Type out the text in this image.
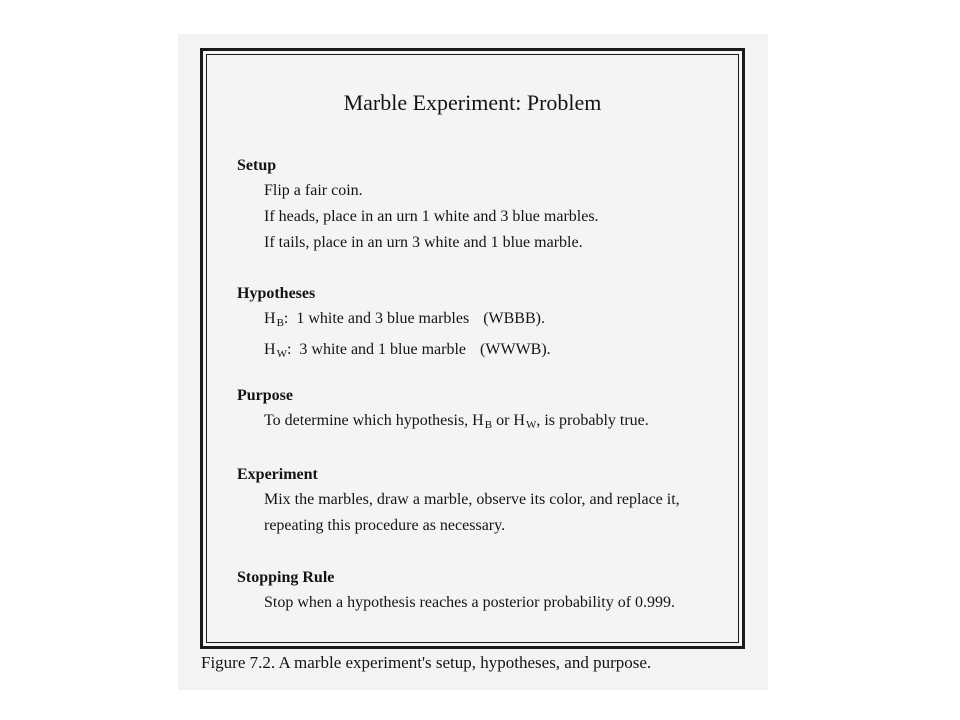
Marble Experiment: Problem
Setup
Flip a fair coin.
If heads, place in an urn 1 white and 3 blue marbles.
If tails, place in an urn 3 white and 1 blue marble.
Hypotheses
$H_B$:  1 white and 3 blue marbles (WBBB).
$H_W$:  3 white and 1 blue marble (WWWB).
Purpose
To determine which hypothesis, $H_B$ or $H_W$, is probably true.
Experiment
Mix the marbles, draw a marble, observe its color, and replace it,
repeating this procedure as necessary.
Stopping Rule
Stop when a hypothesis reaches a posterior probability of 0.999.
Figure 7.2. A marble experiment's setup, hypotheses, and purpose.
